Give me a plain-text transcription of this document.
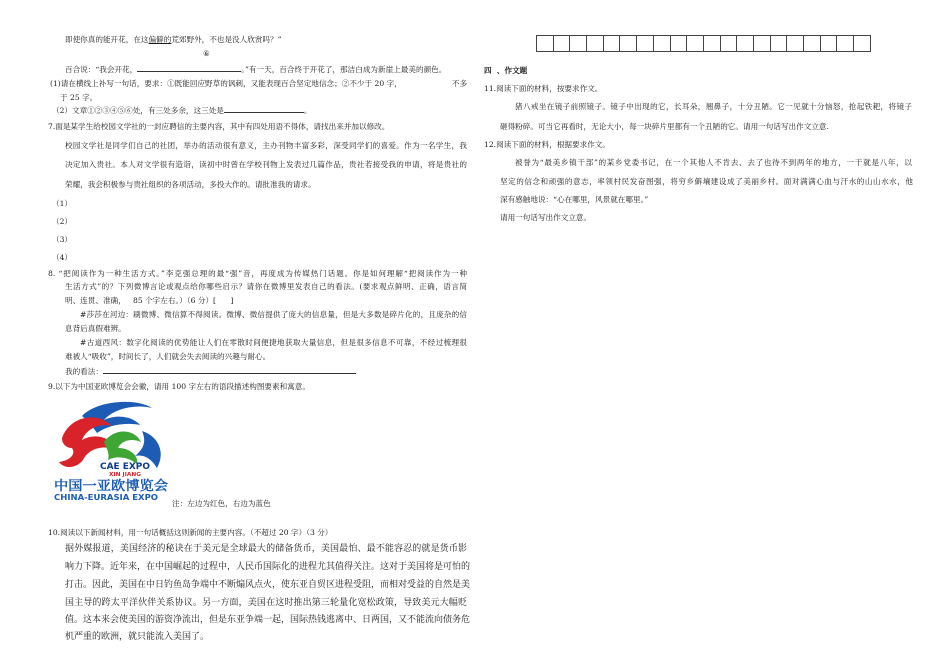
即使你真的能开花，在这偏僻的荒郊野外，不也是没人欣赏吗？”
⑥
百合说：“我会开花，	。”有一天，百合终于开花了，那洁白成为新崖上最美的颜色。
(1)请在横线上补写一句话，要求：①既能回应野草的讽刺，又能表现百合坚定地信念；②不少于 20 字，	不多
于 25 字。
（2）文章①②③④⑤⑥处，有三处多余，这三处是	。
7.面是某学生给校园文学社的一封应聘信的主要内容，其中有四处用语不得体，请找出来并加以修改。
校园文学社是同学们自己的社团，举办的活动很有意义，主办刊物丰富多彩，深受同学们的喜爱。作为一名学生，我
决定加入贵社。本人对文学很有造诣，读初中时曾在学校刊物上发表过几篇作品，贵社若接受我的申请，将是贵社的
荣耀，我会积极参与贵社组织的各项活动，多投大作的。请批准我的请求。
（1）
（2）
（3）
（4）
8. “把阅读作为一种生活方式。”李克强总理的最“强”音，再度成为传媒热门话题。你是如何理解“把阅读作为一种
生活方式”的？下列微博言论或观点给你哪些启示？请你在微博里发表自己的看法。(要求观点鲜明、正确，语言简
明、连贯、准确，   85 个字左右。）（6 分）[      ]
#莎莎在河边：刷微博、微信算不得阅读。微博、微信提供了庞大的信息量，但是大多数是碎片化的，且庞杂的信
息背后真假难辨。
#古道西风：数字化阅读的优势能让人们在零散时间便捷地获取大量信息，但是很多信息不可靠，不经过梳理很
难被人“吸收”，时间长了，人们就会失去阅读的兴趣与耐心。
我的看法：
9.以下为中国亚欧博览会会徽，请用 100 字左右的语段描述构图要素和寓意。
CAE EXPO
XIN JIANG
中国一亚欧博览会
CHINA-EURASIA EXPO
注：左边为红色，右边为蓝色
10.阅读以下新闻材料，用一句话概括这则新闻的主要内容。（不超过 20 字）（3 分）
据外媒报道，美国经济的秘诀在于美元是全球最大的储备货币，美国最怕、最不能容忍的就是货币影
响力下降。近年来，在中国崛起的过程中，人民币国际化的进程尤其值得关注。这对于美国将是可怕的
打击。因此，美国在中日钓鱼岛争端中不断煽风点火，使东亚自贸区进程受阻，而相对受益的自然是美
国主导的跨太平洋伙伴关系协议。另一方面，美国在这时推出第三轮量化宽松政策，导致美元大幅贬
值。这本来会使美国的游资净流出，但是东亚争端一起，国际热钱逃离中、日两国，又不能流向债务危
机严重的欧洲，就只能流入美国了。
四  、作文题
11.阅读下面的材料，按要求作文。
猪八戒坐在镜子前照镜子。镜子中出现的它，长耳朵，翘鼻子，十分丑陋。它一见就十分恼怒，抢起铁耙，将镜子
砸得粉碎。可当它再看时，无论大小，每一块碎片里都有一个丑陋的它。请用一句话写出作文立意.
12.阅读下面的材料，根据要求作文。
被誉为“最美乡镇干部”的某乡党委书记，在一个其他人不肯去、去了也待不到两年的地方，一干就是八年，以
坚定的信念和顽强的意志，率领村民发奋图强，将穷乡僻壤建设成了美丽乡村。面对满满心血与汗水的山山水水，他
深有感触地说：“心在哪里，风景就在哪里。”
请用一句话写出作文立意。
